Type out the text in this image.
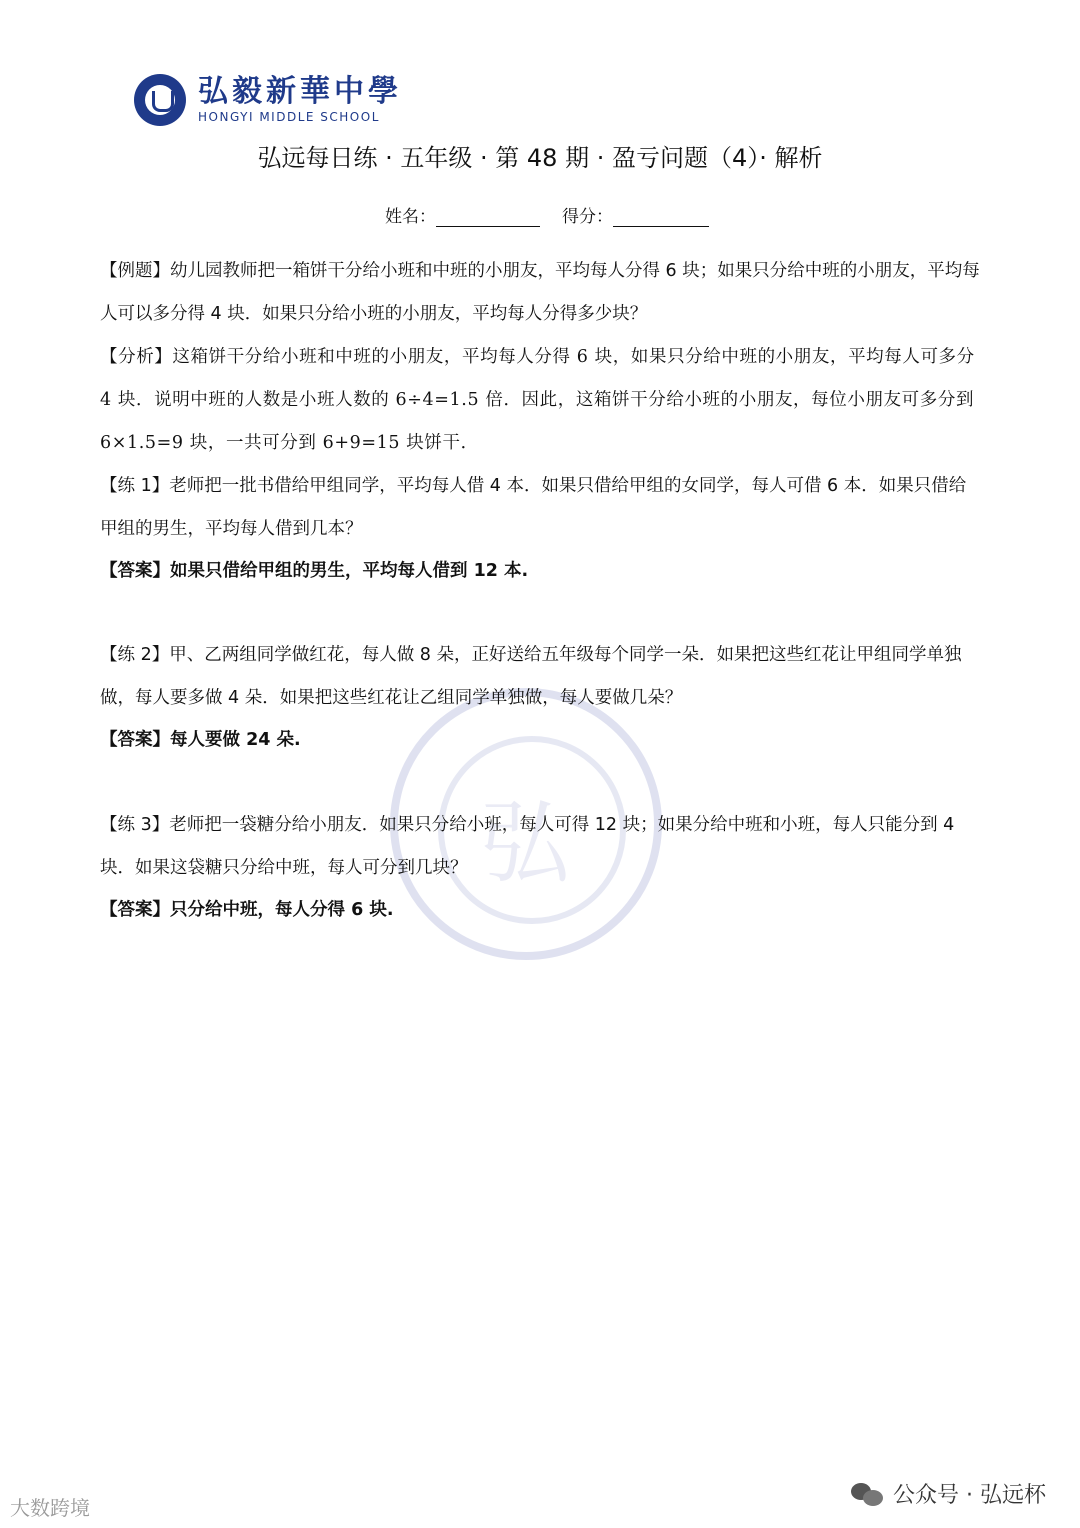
弘毅新華中學
HONGYI MIDDLE SCHOOL
弘远每日练 · 五年级 · 第 48 期 · 盈亏问题（4）· 解析
姓名：	得分：
弘
【例题】幼儿园教师把一箱饼干分给小班和中班的小朋友，平均每人分得 6 块；如果只分给中班的小朋友，平均每人可以多分得 4 块．如果只分给小班的小朋友，平均每人分得多少块？
【分析】这箱饼干分给小班和中班的小朋友，平均每人分得 6 块，如果只分给中班的小朋友，平均每人可多分 4 块．说明中班的人数是小班人数的 6÷4=1.5 倍．因此，这箱饼干分给小班的小朋友，每位小朋友可多分到 6×1.5=9 块，一共可分到 6+9=15 块饼干．
【练 1】老师把一批书借给甲组同学，平均每人借 4 本．如果只借给甲组的女同学，每人可借 6 本．如果只借给甲组的男生，平均每人借到几本？
【答案】如果只借给甲组的男生，平均每人借到 12 本.
【练 2】甲、乙两组同学做红花，每人做 8 朵，正好送给五年级每个同学一朵．如果把这些红花让甲组同学单独做，每人要多做 4 朵．如果把这些红花让乙组同学单独做，每人要做几朵？
【答案】每人要做 24 朵.
【练 3】老师把一袋糖分给小朋友．如果只分给小班，每人可得 12 块；如果分给中班和小班，每人只能分到 4 块．如果这袋糖只分给中班，每人可分到几块？
【答案】只分给中班，每人分得 6 块.
公众号 · 弘远杯
大数跨境
